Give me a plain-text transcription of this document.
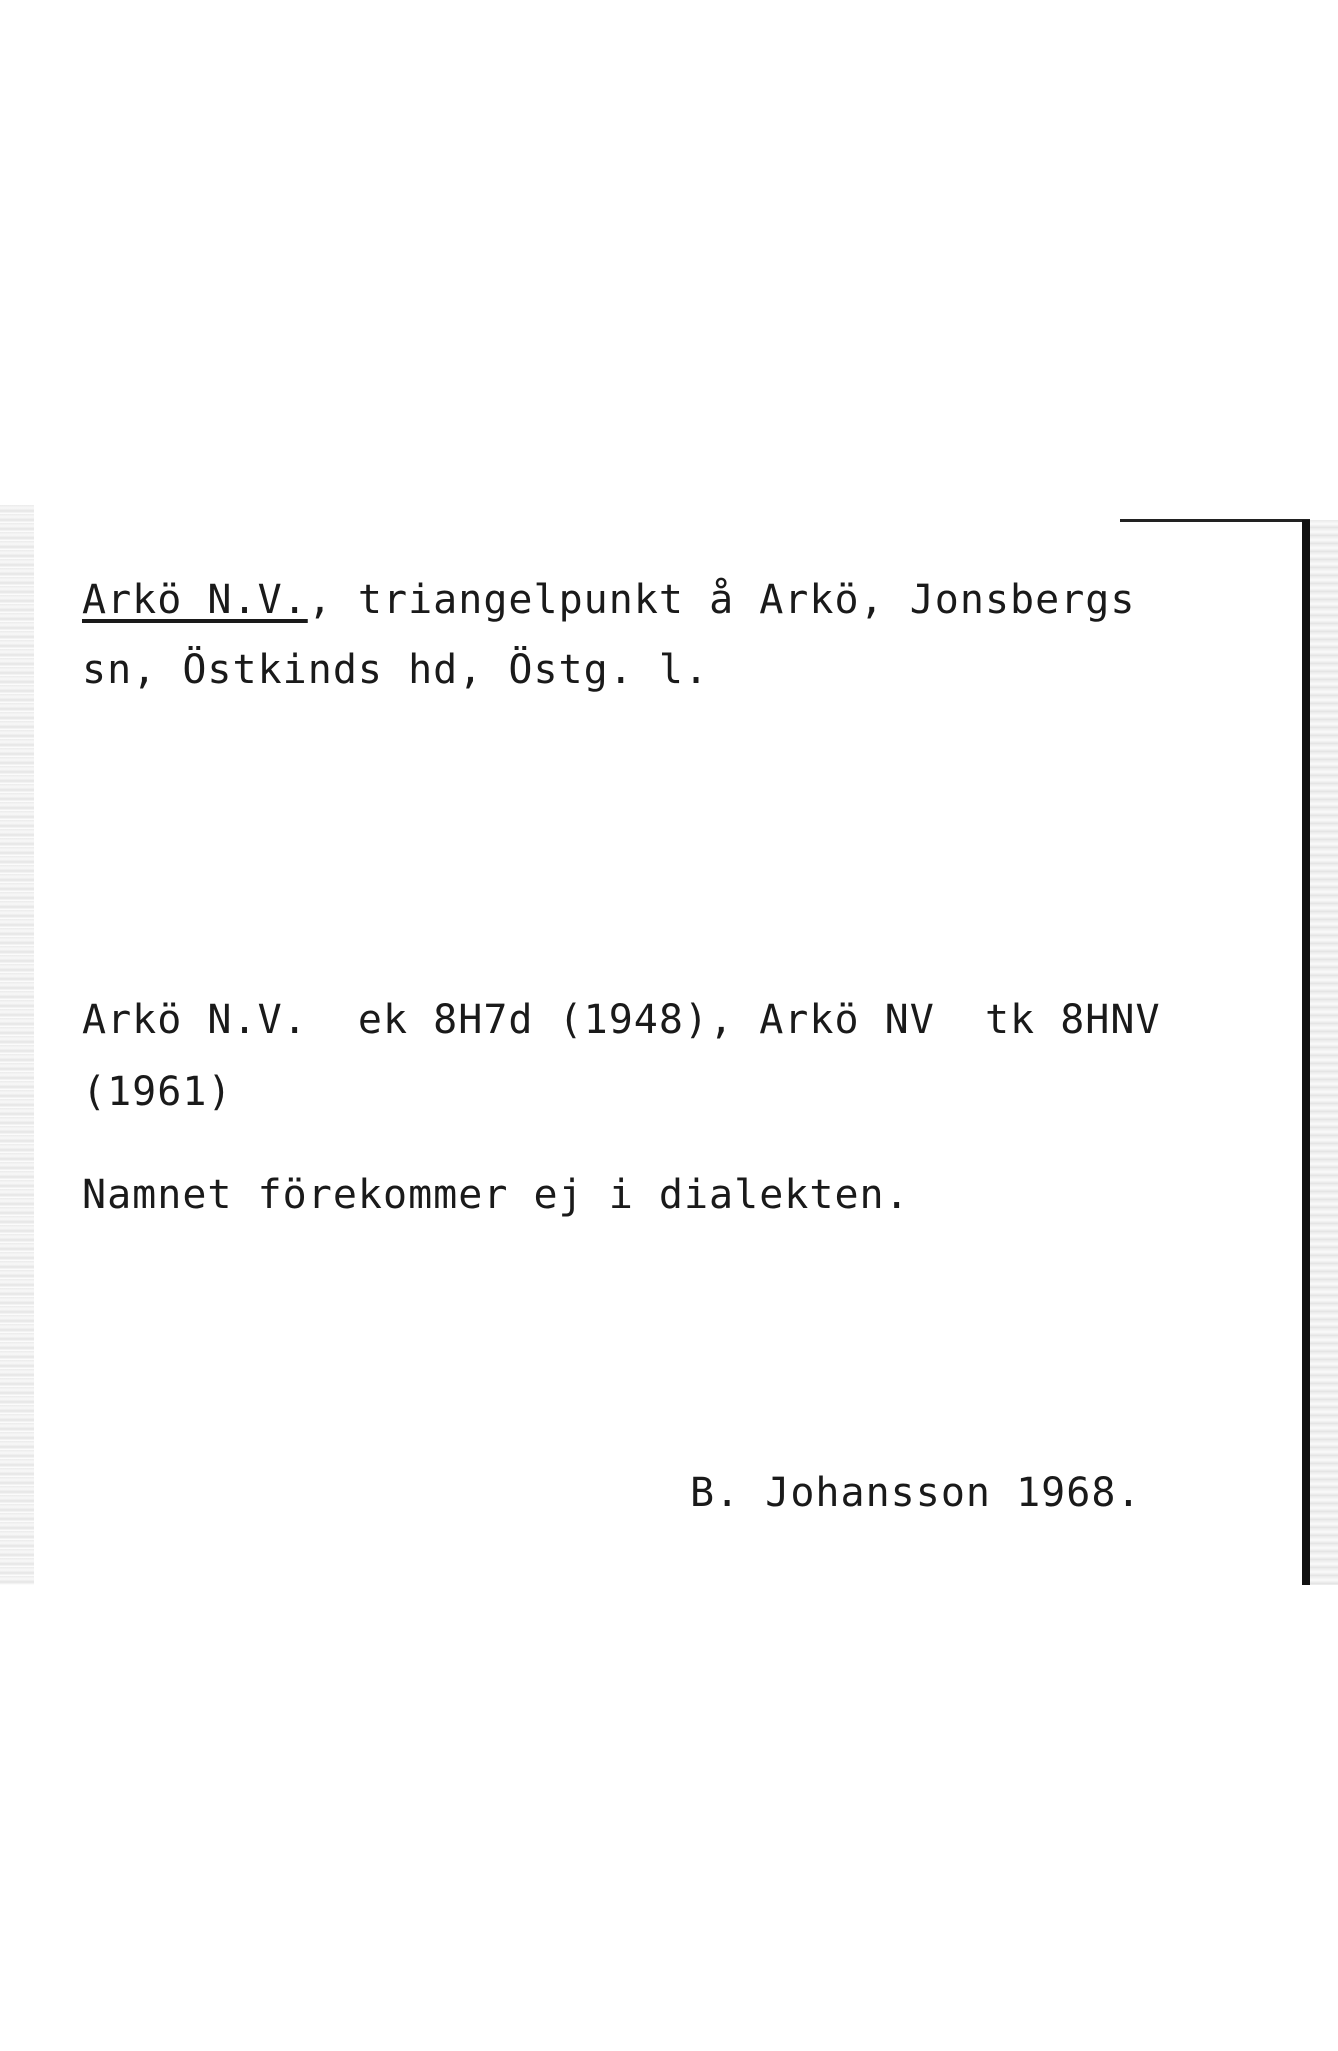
Arkö N.V., triangelpunkt å Arkö, Jonsbergs
sn, Östkinds hd, Östg. l.
Arkö N.V.  ek 8H7d (1948), Arkö NV  tk 8HNV
(1961)
Namnet förekommer ej i dialekten.
B. Johansson 1968.
